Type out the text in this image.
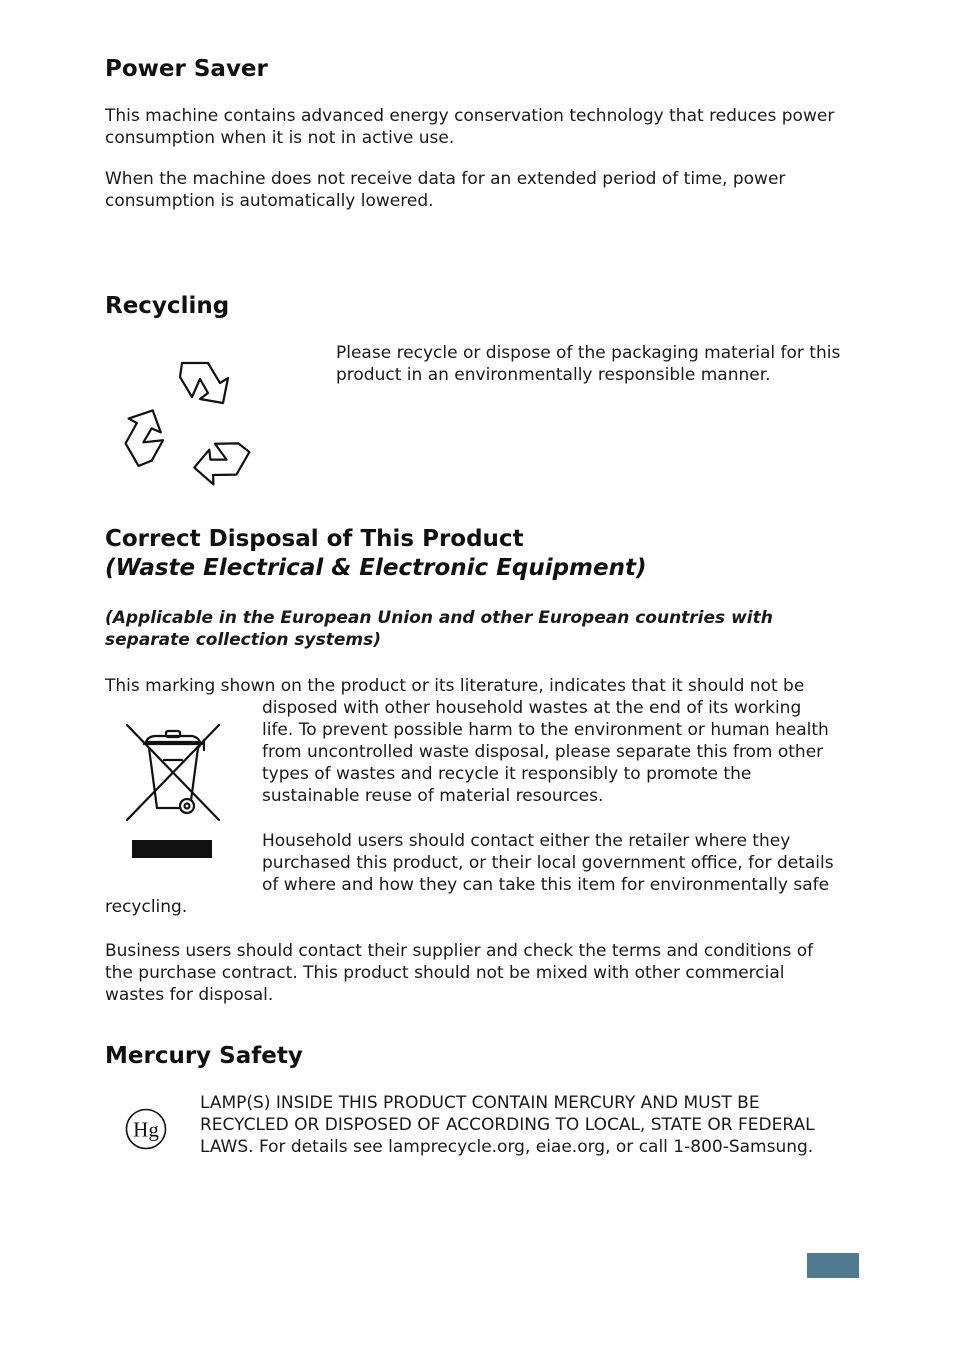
Power Saver

This machine contains advanced energy conservation technology that reduces power

consumption when it is not in active use.

When the machine does not receive data for an extended period of time, power

consumption is automatically lowered.

Recycling

Please recycle or dispose of the packaging material for this

product in an environmentally responsible manner.

Correct Disposal of This Product
(Waste Electrical & Electronic Equipment)

(Applicable in the European Union and other European countries with

separate collection systems)

This marking shown on the product or its literature, indicates that it should not be

disposed with other household wastes at the end of its working

life. To prevent possible harm to the environment or human health

from uncontrolled waste disposal, please separate this from other

types of wastes and recycle it responsibly to promote the

sustainable reuse of material resources.

Household users should contact either the retailer where they

purchased this product, or their local government office, for details

of where and how they can take this item for environmentally safe

recycling.

Business users should contact their supplier and check the terms and conditions of

the purchase contract. This product should not be mixed with other commercial

wastes for disposal.

Mercury Safety
Hg

LAMP(S) INSIDE THIS PRODUCT CONTAIN MERCURY AND MUST BE

RECYCLED OR DISPOSED OF ACCORDING TO LOCAL, STATE OR FEDERAL

LAWS. For details see lamprecycle.org, eiae.org, or call 1-800-Samsung.
